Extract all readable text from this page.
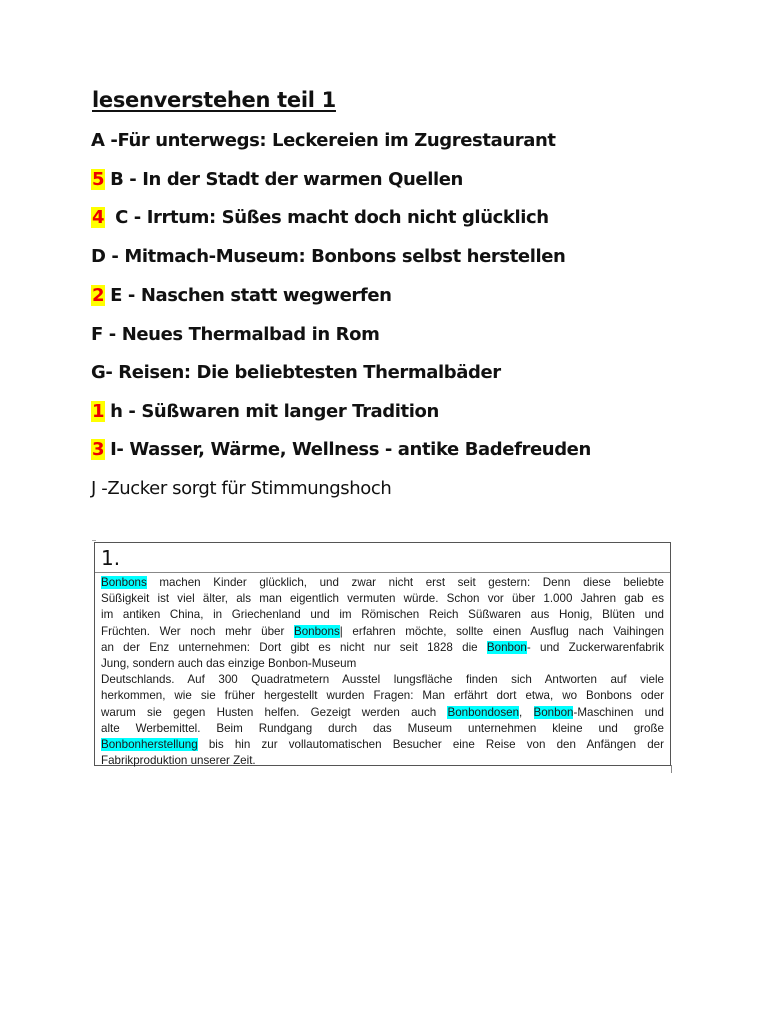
lesenverstehen teil 1
A -Für unterwegs: Leckereien im Zugrestaurant
5 B - In der Stadt der warmen Quellen
4 C - Irrtum: Süßes macht doch nicht glücklich
D - Mitmach-Museum: Bonbons selbst herstellen
2 E - Naschen statt wegwerfen
F - Neues Thermalbad in Rom
G- Reisen: Die beliebtesten Thermalbäder
1 h - Süßwaren mit langer Tradition
3 I- Wasser, Wärme, Wellness - antike Badefreuden
J -Zucker sorgt für Stimmungshoch
1.
Bonbons machen Kinder glücklich, und zwar nicht erst seit gestern: Denn diese beliebte
Süßigkeit ist viel älter, als man eigentlich vermuten würde. Schon vor über 1.000 Jahren gab es
im antiken China, in Griechenland und im Römischen Reich Süßwaren aus Honig, Blüten und
Früchten. Wer noch mehr über Bonbons| erfahren möchte, sollte einen Ausflug nach Vaihingen
an der Enz unternehmen: Dort gibt es nicht nur seit 1828 die Bonbon- und Zuckerwarenfabrik
Jung, sondern auch das einzige Bonbon-Museum
Deutschlands. Auf 300 Quadratmetern Ausstel lungsfläche finden sich Antworten auf viele
herkommen, wie sie früher hergestellt wurden Fragen: Man erfährt dort etwa, wo Bonbons oder
warum sie gegen Husten helfen. Gezeigt werden auch Bonbondosen, Bonbon-Maschinen und
alte Werbemittel. Beim Rundgang durch das Museum unternehmen kleine und große
Bonbonherstellung bis hin zur vollautomatischen Besucher eine Reise von den Anfängen der
Fabrikproduktion unserer Zeit.
